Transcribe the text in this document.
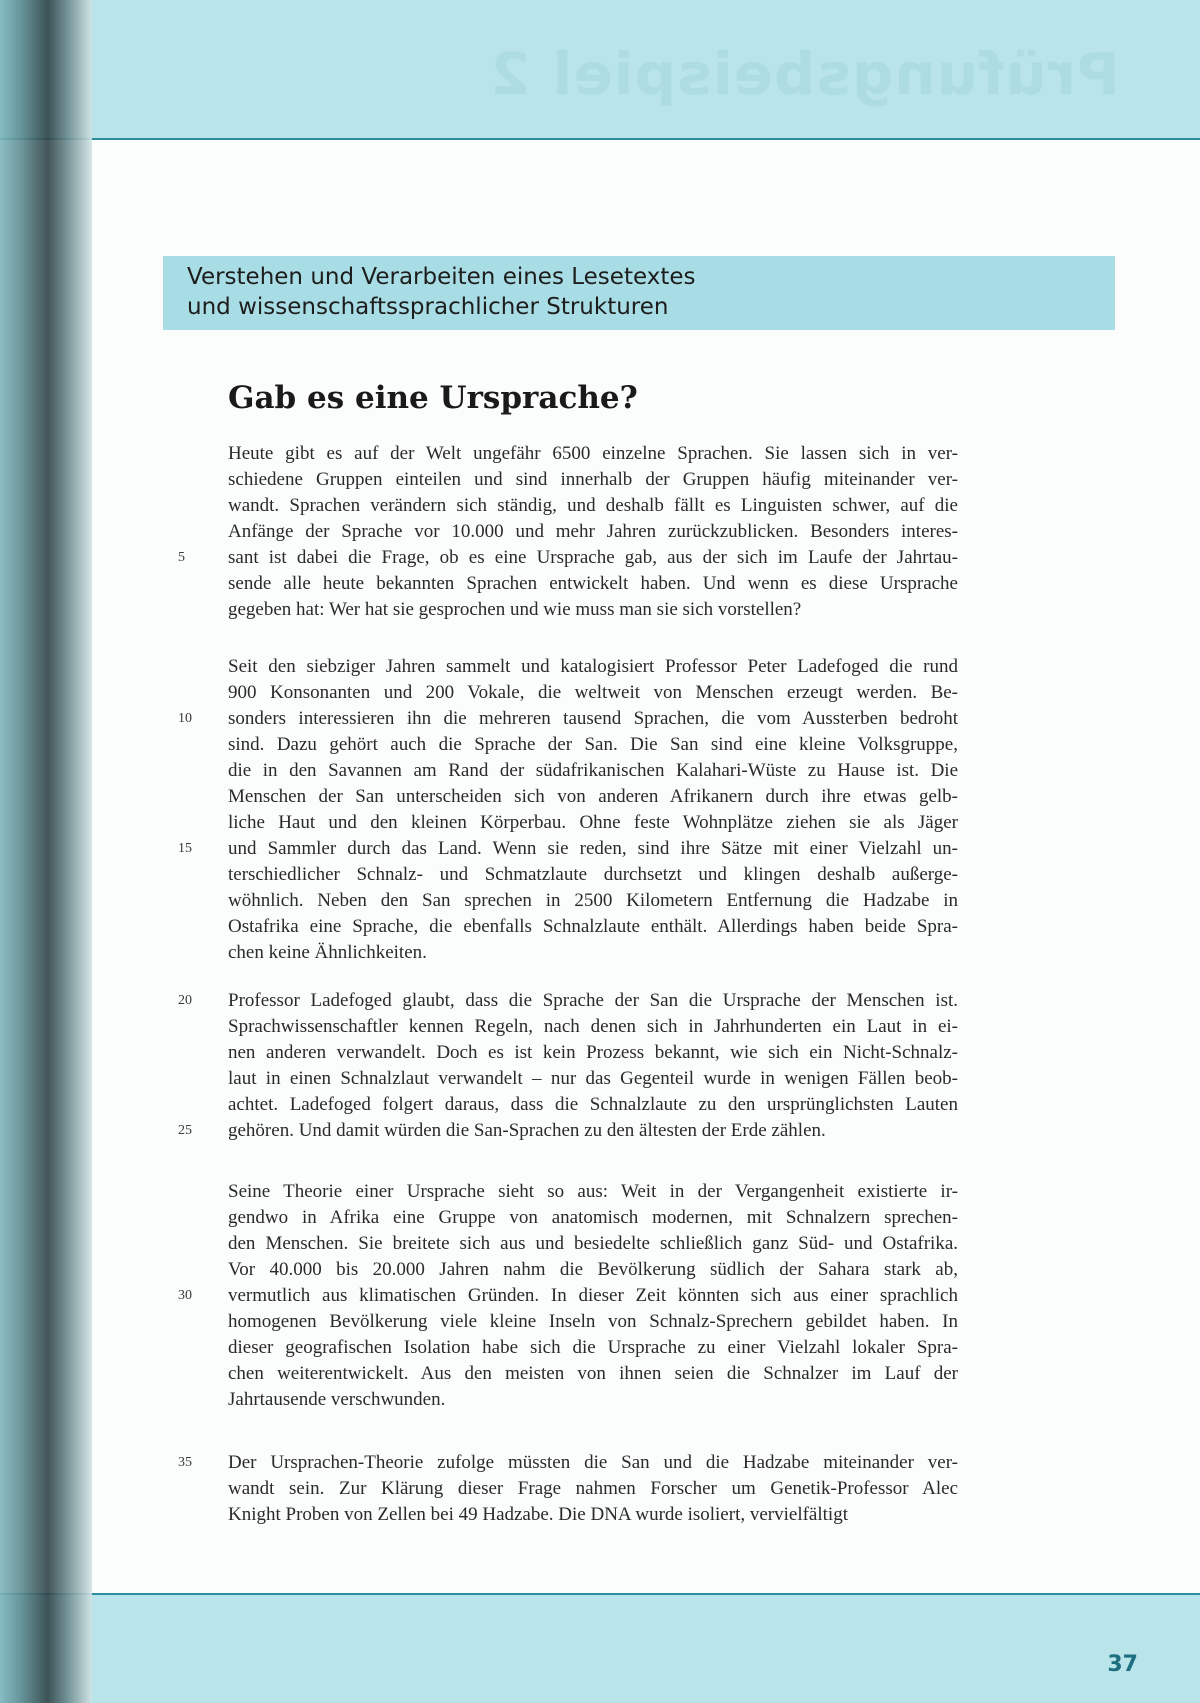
Prüfungsbeispiel 2
Verstehen und Verarbeiten eines Lesetextes
und wissenschaftssprachlicher Strukturen
Gab es eine Ursprache?
Heute gibt es auf der Welt ungefähr 6500 einzelne Sprachen. Sie lassen sich in ver-
schiedene Gruppen einteilen und sind innerhalb der Gruppen häufig miteinander ver-
wandt. Sprachen verändern sich ständig, und deshalb fällt es Linguisten schwer, auf die
Anfänge der Sprache vor 10.000 und mehr Jahren zurückzublicken. Besonders interes-
sant ist dabei die Frage, ob es eine Ursprache gab, aus der sich im Laufe der Jahrtau-
5
sende alle heute bekannten Sprachen entwickelt haben. Und wenn es diese Ursprache
gegeben hat: Wer hat sie gesprochen und wie muss man sie sich vorstellen?
Seit den siebziger Jahren sammelt und katalogisiert Professor Peter Ladefoged die rund
900 Konsonanten und 200 Vokale, die weltweit von Menschen erzeugt werden. Be-
sonders interessieren ihn die mehreren tausend Sprachen, die vom Aussterben bedroht
10
sind. Dazu gehört auch die Sprache der San. Die San sind eine kleine Volksgruppe,
die in den Savannen am Rand der südafrikanischen Kalahari-Wüste zu Hause ist. Die
Menschen der San unterscheiden sich von anderen Afrikanern durch ihre etwas gelb-
liche Haut und den kleinen Körperbau. Ohne feste Wohnplätze ziehen sie als Jäger
und Sammler durch das Land. Wenn sie reden, sind ihre Sätze mit einer Vielzahl un-
15
terschiedlicher Schnalz- und Schmatzlaute durchsetzt und klingen deshalb außerge-
wöhnlich. Neben den San sprechen in 2500 Kilometern Entfernung die Hadzabe in
Ostafrika eine Sprache, die ebenfalls Schnalzlaute enthält. Allerdings haben beide Spra-
chen keine Ähnlichkeiten.
Professor Ladefoged glaubt, dass die Sprache der San die Ursprache der Menschen ist.
20
Sprachwissenschaftler kennen Regeln, nach denen sich in Jahrhunderten ein Laut in ei-
nen anderen verwandelt. Doch es ist kein Prozess bekannt, wie sich ein Nicht-Schnalz-
laut in einen Schnalzlaut verwandelt – nur das Gegenteil wurde in wenigen Fällen beob-
achtet. Ladefoged folgert daraus, dass die Schnalzlaute zu den ursprünglichsten Lauten
gehören. Und damit würden die San-Sprachen zu den ältesten der Erde zählen.
25
Seine Theorie einer Ursprache sieht so aus: Weit in der Vergangenheit existierte ir-
gendwo in Afrika eine Gruppe von anatomisch modernen, mit Schnalzern sprechen-
den Menschen. Sie breitete sich aus und besiedelte schließlich ganz Süd- und Ostafrika.
Vor 40.000 bis 20.000 Jahren nahm die Bevölkerung südlich der Sahara stark ab,
vermutlich aus klimatischen Gründen. In dieser Zeit könnten sich aus einer sprachlich
30
homogenen Bevölkerung viele kleine Inseln von Schnalz-Sprechern gebildet haben. In
dieser geografischen Isolation habe sich die Ursprache zu einer Vielzahl lokaler Spra-
chen weiterentwickelt. Aus den meisten von ihnen seien die Schnalzer im Lauf der
Jahrtausende verschwunden.
Der Ursprachen-Theorie zufolge müssten die San und die Hadzabe miteinander ver-
35
wandt sein. Zur Klärung dieser Frage nahmen Forscher um Genetik-Professor Alec
Knight Proben von Zellen bei 49 Hadzabe. Die DNA wurde isoliert, vervielfältigt
37
